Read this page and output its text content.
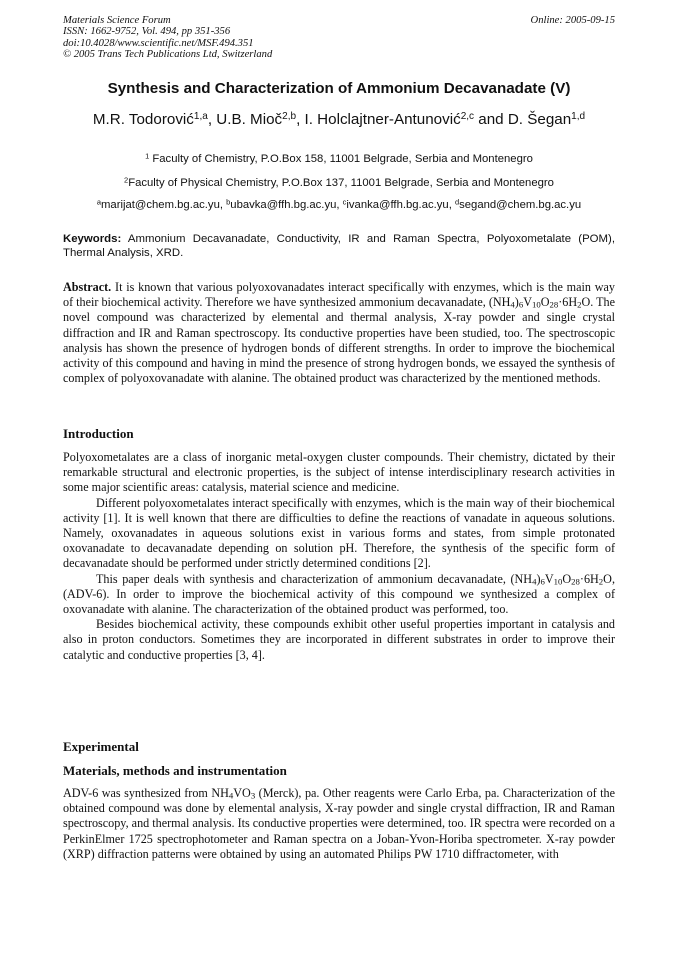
Materials Science Forum
ISSN: 1662-9752, Vol. 494, pp 351-356
doi:10.4028/www.scientific.net/MSF.494.351
© 2005 Trans Tech Publications Ltd, Switzerland
Online: 2005-09-15
Synthesis and Characterization of Ammonium Decavanadate (V)
M.R. Todorović$^{1,a}$, U.B. Mioč$^{2,b}$, I. Holclajtner-Antunović$^{2,c}$ and D. Šegan$^{1,d}$
$^1$ Faculty of Chemistry, P.O.Box 158, 11001 Belgrade, Serbia and Montenegro
$^2$Faculty of Physical Chemistry, P.O.Box 137, 11001 Belgrade, Serbia and Montenegro
$^a$marijat@chem.bg.ac.yu, $^b$ubavka@ffh.bg.ac.yu, $^c$ivanka@ffh.bg.ac.yu, $^d$segand@chem.bg.ac.yu
Keywords: Ammonium Decavanadate, Conductivity, IR and Raman Spectra, Polyoxometalate (POM), Thermal Analysis, XRD.

Abstract. It is known that various polyoxovanadates interact specifically with enzymes, which is the main way of their biochemical activity. Therefore we have synthesized ammonium decavanadate, $(NH_4)_6V_{10}O_{28}\cdot 6H_2O$. The novel compound was characterized by elemental and thermal analysis, X-ray powder and single crystal diffraction and IR and Raman spectroscopy. Its conductive properties have been studied, too. The spectroscopic analysis has shown the presence of hydrogen bonds of different strengths. In order to improve the biochemical activity of this compound and having in mind the presence of strong hydrogen bonds, we essayed the synthesis of complex of polyoxovanadate with alanine. The obtained product was characterized by the mentioned methods.

Introduction

Polyoxometalates are a class of inorganic metal-oxygen cluster compounds. Their chemistry, dictated by their remarkable structural and electronic properties, is the subject of intense interdisciplinary research activities in some major scientific areas: catalysis, material science and medicine.

Different polyoxometalates interact specifically with enzymes, which is the main way of their biochemical activity [1]. It is well known that there are difficulties to define the reactions of vanadate in aqueous solutions. Namely, oxovanadates in aqueous solutions exist in various forms and states, from simple protonated oxovanadate to decavanadate depending on solution pH. Therefore, the synthesis of the specific form of decavanadate should be performed under strictly determined conditions [2].

This paper deals with synthesis and characterization of ammonium decavanadate, $(NH_4)_6V_{10}O_{28}\cdot 6H_2O$, (ADV-6). In order to improve the biochemical activity of this compound we synthesized a complex of oxovanadate with alanine. The characterization of the obtained product was performed, too.

Besides biochemical activity, these compounds exhibit other useful properties important in catalysis and also in proton conductors. Sometimes they are incorporated in different substrates in order to improve their catalytic and conductive properties [3, 4].

Experimental
Materials, methods and instrumentation

ADV-6 was synthesized from $NH_4VO_3$ (Merck), pa. Other reagents were Carlo Erba, pa. Characterization of the obtained compound was done by elemental analysis, X-ray powder and single crystal diffraction, IR and Raman spectroscopy, and thermal analysis. Its conductive properties were determined, too. IR spectra were recorded on a PerkinElmer 1725 spectrophotometer and Raman spectra on a Joban-Yvon-Horiba spectrometer. X-ray powder (XRP) diffraction patterns were obtained by using an automated Philips PW 1710 diffractometer, with
